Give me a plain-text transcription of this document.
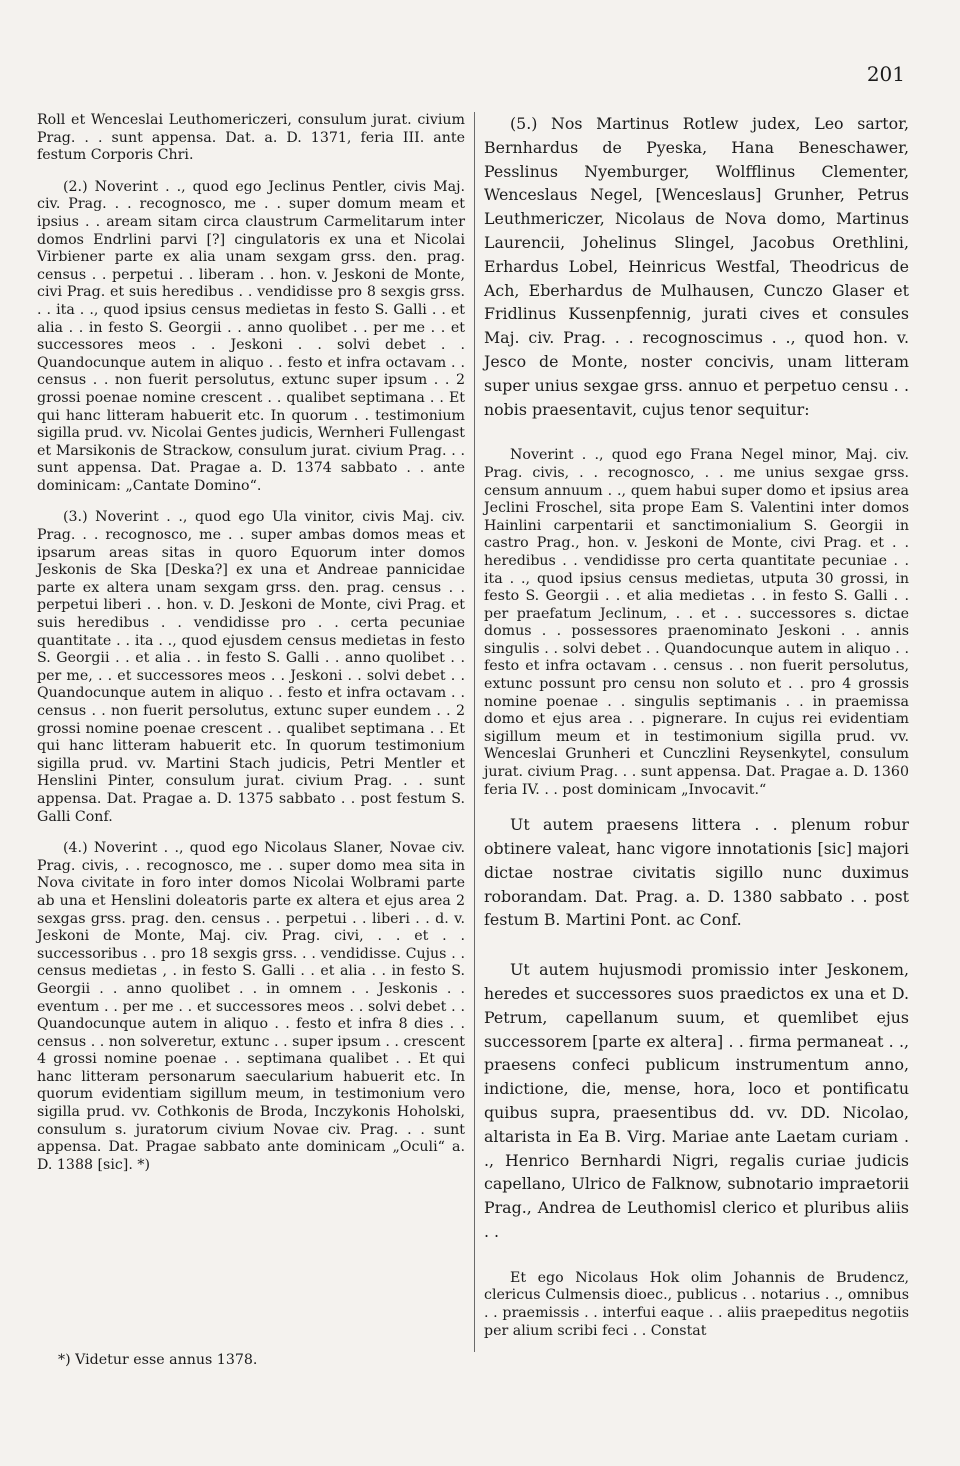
201

Roll et Wenceslai Leuthomericzeri, consulum jurat. civium Prag. . . sunt appensa. Dat. a. D. 1371, feria III. ante festum Corporis Chri.

(2.) Noverint . ., quod ego Jeclinus Pentler, civis Maj. civ. Prag. . . recognosco, me . . super domum meam et ipsius . . aream sitam circa claustrum Carmelitarum inter domos Endrlini parvi [?] cingulatoris ex una et Nicolai Virbiener parte ex alia unam sexgam grss. den. prag. census . . perpetui . . liberam . . hon. v. Jeskoni de Monte, civi Prag. et suis heredibus . . vendidisse pro 8 sexgis grss. . . ita . ., quod ipsius census medietas in festo S. Galli . . et alia . . in festo S. Georgii . . anno quolibet . . per me . . et successores meos . . Jeskoni . . solvi debet . . Quandocunque autem in aliquo . . festo et infra octavam . . census . . non fuerit persolutus, extunc super ipsum . . 2 grossi poenae nomine crescent . . qualibet septimana . . Et qui hanc litteram habuerit etc. In quorum . . testimonium sigilla prud. vv. Nicolai Gentes judicis, Wernheri Fullengast et Marsikonis de Strackow, consulum jurat. civium Prag. . . sunt appensa. Dat. Pragae a. D. 1374 sabbato . . ante dominicam: „Cantate Domino“.

(3.) Noverint . ., quod ego Ula vinitor, civis Maj. civ. Prag. . . recognosco, me . . super ambas domos meas et ipsarum areas sitas in quoro Equorum inter domos Jeskonis de Ska [Deska?] ex una et Andreae pannicidae parte ex altera unam sexgam grss. den. prag. census . . perpetui liberi . . hon. v. D. Jeskoni de Monte, civi Prag. et suis heredibus . . vendidisse pro . . certa pecuniae quantitate . . ita . ., quod ejusdem census medietas in festo S. Georgii . . et alia . . in festo S. Galli . . anno quolibet . . per me, . . et successores meos . . Jeskoni . . solvi debet . . Quandocunque autem in aliquo . . festo et infra octavam . . census . . non fuerit persolutus, extunc super eundem . . 2 grossi nomine poenae crescent . . qualibet septimana . . Et qui hanc litteram habuerit etc. In quorum testimonium sigilla prud. vv. Martini Stach judicis, Petri Mentler et Henslini Pinter, consulum jurat. civium Prag. . . sunt appensa. Dat. Pragae a. D. 1375 sabbato . . post festum S. Galli Conf.

(4.) Noverint . ., quod ego Nicolaus Slaner, Novae civ. Prag. civis, . . recognosco, me . . super domo mea sita in Nova civitate in foro inter domos Nicolai Wolbrami parte ab una et Henslini doleatoris parte ex altera et ejus area 2 sexgas grss. prag. den. census . . perpetui . . liberi . . d. v. Jeskoni de Monte, Maj. civ. Prag. civi, . . et . . successoribus . . pro 18 sexgis grss. . . vendidisse. Cujus . . census medietas , . in festo S. Galli . . et alia . . in festo S. Georgii . . anno quolibet . . in omnem . . Jeskonis . . eventum . . per me . . et successores meos . . solvi debet . . Quandocunque autem in aliquo . . festo et infra 8 dies . . census . . non solveretur, extunc . . super ipsum . . crescent 4 grossi nomine poenae . . septimana qualibet . . Et qui hanc litteram personarum saecularium habuerit etc. In quorum evidentiam sigillum meum, in testimonium vero sigilla prud. vv. Cothkonis de Broda, Inczykonis Hoholski, consulum s. juratorum civium Novae civ. Prag. . . sunt appensa. Dat. Pragae sabbato ante dominicam „Oculi“ a. D. 1388 [sic]. *)

(5.) Nos Martinus Rotlew judex, Leo sartor, Bernhardus de Pyeska, Hana Beneschawer, Pesslinus Nyemburger, Wolfflinus Clementer, Wenceslaus Negel, [Wenceslaus] Grunher, Petrus Leuthmericzer, Nicolaus de Nova domo, Martinus Laurencii, Johelinus Slingel, Jacobus Orethlini, Erhardus Lobel, Heinricus Westfal, Theodricus de Ach, Eberhardus de Mulhausen, Cunczo Glaser et Fridlinus Kussenpfennig, jurati cives et consules Maj. civ. Prag. . . recognoscimus . ., quod hon. v. Jesco de Monte, noster concivis, unam litteram super unius sexgae grss. annuo et perpetuo censu . . nobis praesentavit, cujus tenor sequitur:

Noverint . ., quod ego Frana Negel minor, Maj. civ. Prag. civis, . . recognosco, . . me unius sexgae grss. censum annuum . ., quem habui super domo et ipsius area Jeclini Froschel, sita prope Eam S. Valentini inter domos Hainlini carpentarii et sanctimonialium S. Georgii in castro Prag., hon. v. Jeskoni de Monte, civi Prag. et . . heredibus . . vendidisse pro certa quantitate pecuniae . . ita . ., quod ipsius census medietas, utputa 30 grossi, in festo S. Georgii . . et alia medietas . . in festo S. Galli . . per praefatum Jeclinum, . . et . . successores s. dictae domus . . possessores praenominato Jeskoni . . annis singulis . . solvi debet . . Quandocunque autem in aliquo . . festo et infra octavam . . census . . non fuerit persolutus, extunc possunt pro censu non soluto et . . pro 4 grossis nomine poenae . . singulis septimanis . . in praemissa domo et ejus area . . pignerare. In cujus rei evidentiam sigillum meum et in testimonium sigilla prud. vv. Wenceslai Grunheri et Cunczlini Reysenkytel, consulum jurat. civium Prag. . . sunt appensa. Dat. Pragae a. D. 1360 feria IV. . . post dominicam „Invocavit.“

Ut autem praesens littera . . plenum robur obtinere valeat, hanc vigore innotationis [sic] majori dictae nostrae civitatis sigillo nunc duximus roborandam. Dat. Prag. a. D. 1380 sabbato . . post festum B. Martini Pont. ac Conf.

Ut autem hujusmodi promissio inter Jeskonem, heredes et successores suos praedictos ex una et D. Petrum, capellanum suum, et quemlibet ejus successorem [parte ex altera] . . firma permaneat . ., praesens confeci publicum instrumentum anno, indictione, die, mense, hora, loco et pontificatu quibus supra, praesentibus dd. vv. DD. Nicolao, altarista in Ea B. Virg. Mariae ante Laetam curiam . ., Henrico Bernhardi Nigri, regalis curiae judicis capellano, Ulrico de Falknow, subnotario impraetorii Prag., Andrea de Leuthomisl clerico et pluribus aliis . .

Et ego Nicolaus Hok olim Johannis de Brudencz, clericus Culmensis dioec., publicus . . notarius . ., omnibus . . praemissis . . interfui eaque . . aliis praepeditus negotiis per alium scribi feci . . Constat

*) Videtur esse annus 1378.
